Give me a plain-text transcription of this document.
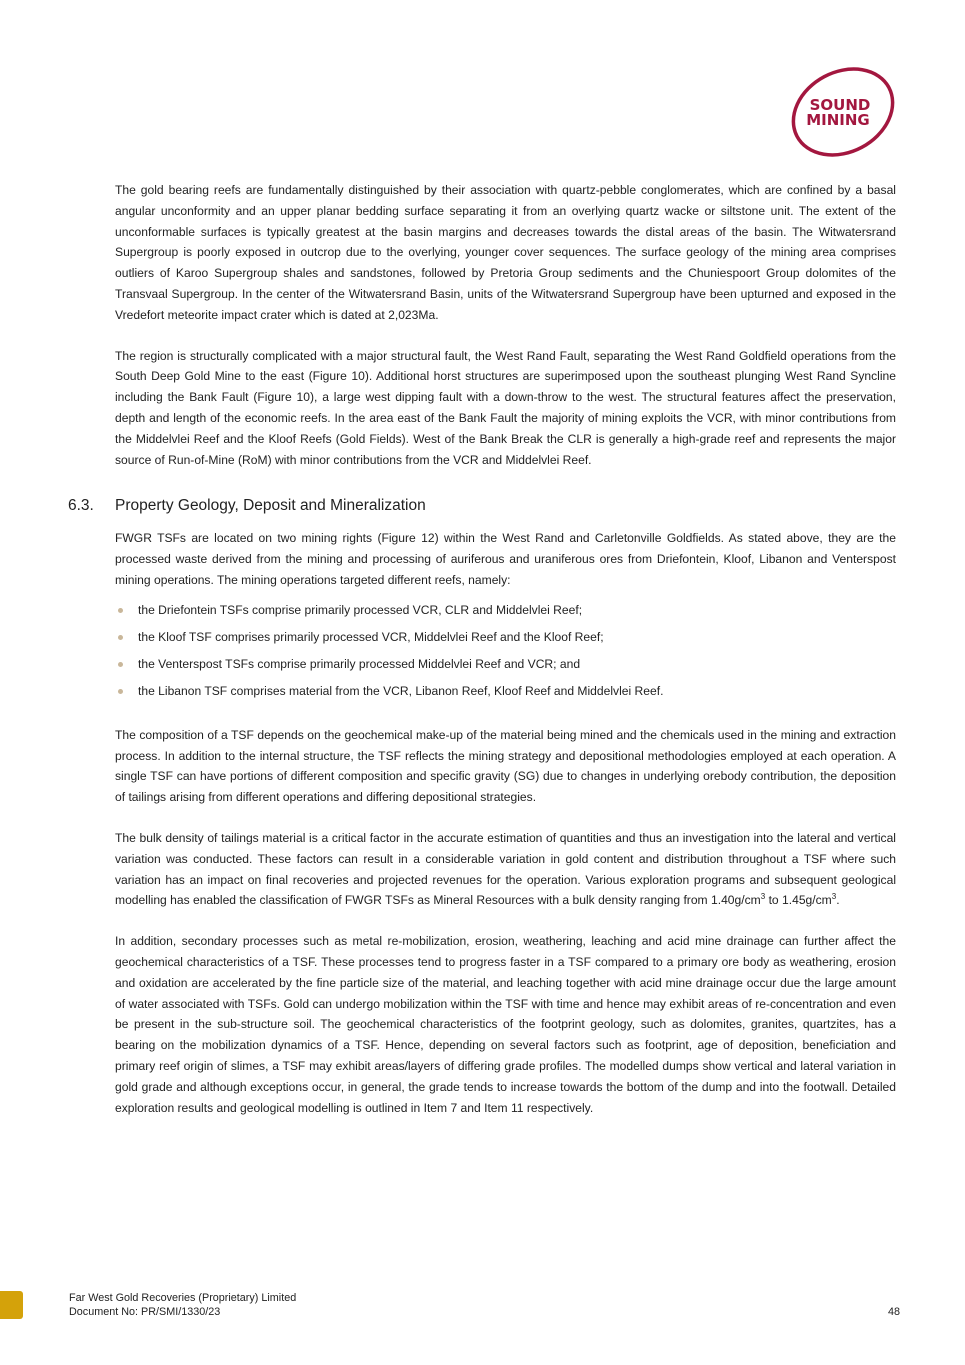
SOUND
MINING

The gold bearing reefs are fundamentally distinguished by their association with quartz-pebble conglomerates, which are confined by a basal angular unconformity and an upper planar bedding surface separating it from an overlying quartz wacke or siltstone unit. The extent of the unconformable surfaces is typically greatest at the basin margins and decreases towards the distal areas of the basin. The Witwatersrand Supergroup is poorly exposed in outcrop due to the overlying, younger cover sequences. The surface geology of the mining area comprises outliers of Karoo Supergroup shales and sandstones, followed by Pretoria Group sediments and the Chuniespoort Group dolomites of the Transvaal Supergroup. In the center of the Witwatersrand Basin, units of the Witwatersrand Supergroup have been upturned and exposed in the Vredefort meteorite impact crater which is dated at 2,023Ma.

The region is structurally complicated with a major structural fault, the West Rand Fault, separating the West Rand Goldfield operations from the South Deep Gold Mine to the east (Figure 10). Additional horst structures are superimposed upon the southeast plunging West Rand Syncline including the Bank Fault (Figure 10), a large west dipping fault with a down-throw to the west. The structural features affect the preservation, depth and length of the economic reefs. In the area east of the Bank Fault the majority of mining exploits the VCR, with minor contributions from the Middelvlei Reef and the Kloof Reefs (Gold Fields). West of the Bank Break the CLR is generally a high-grade reef and represents the major source of Run-of-Mine (RoM) with minor contributions from the VCR and Middelvlei Reef.

6.3. Property Geology, Deposit and Mineralization

FWGR TSFs are located on two mining rights (Figure 12) within the West Rand and Carletonville Goldfields. As stated above, they are the processed waste derived from the mining and processing of auriferous and uraniferous ores from Driefontein, Kloof, Libanon and Venterspost mining operations. The mining operations targeted different reefs, namely:

the Driefontein TSFs comprise primarily processed VCR, CLR and Middelvlei Reef;
the Kloof TSF comprises primarily processed VCR, Middelvlei Reef and the Kloof Reef;
the Venterspost TSFs comprise primarily processed Middelvlei Reef and VCR; and
the Libanon TSF comprises material from the VCR, Libanon Reef, Kloof Reef and Middelvlei Reef.

The composition of a TSF depends on the geochemical make-up of the material being mined and the chemicals used in the mining and extraction process. In addition to the internal structure, the TSF reflects the mining strategy and depositional methodologies employed at each operation. A single TSF can have portions of different composition and specific gravity (SG) due to changes in underlying orebody contribution, the deposition of tailings arising from different operations and differing depositional strategies.

The bulk density of tailings material is a critical factor in the accurate estimation of quantities and thus an investigation into the lateral and vertical variation was conducted. These factors can result in a considerable variation in gold content and distribution throughout a TSF where such variation has an impact on final recoveries and projected revenues for the operation. Various exploration programs and subsequent geological modelling has enabled the classification of FWGR TSFs as Mineral Resources with a bulk density ranging from $1.40g/cm^3$ to $1.45g/cm^3$.

In addition, secondary processes such as metal re-mobilization, erosion, weathering, leaching and acid mine drainage can further affect the geochemical characteristics of a TSF. These processes tend to progress faster in a TSF compared to a primary ore body as weathering, erosion and oxidation are accelerated by the fine particle size of the material, and leaching together with acid mine drainage occur due the large amount of water associated with TSFs. Gold can undergo mobilization within the TSF with time and hence may exhibit areas of re-concentration and even be present in the sub-structure soil. The geochemical characteristics of the footprint geology, such as dolomites, granites, quartzites, has a bearing on the mobilization dynamics of a TSF. Hence, depending on several factors such as footprint, age of deposition, beneficiation and primary reef origin of slimes, a TSF may exhibit areas/layers of differing grade profiles. The modelled dumps show vertical and lateral variation in gold grade and although exceptions occur, in general, the grade tends to increase towards the bottom of the dump and into the footwall. Detailed exploration results and geological modelling is outlined in Item 7 and Item 11 respectively.

Far West Gold Recoveries (Proprietary) Limited
Document No: PR/SMI/1330/23	48
